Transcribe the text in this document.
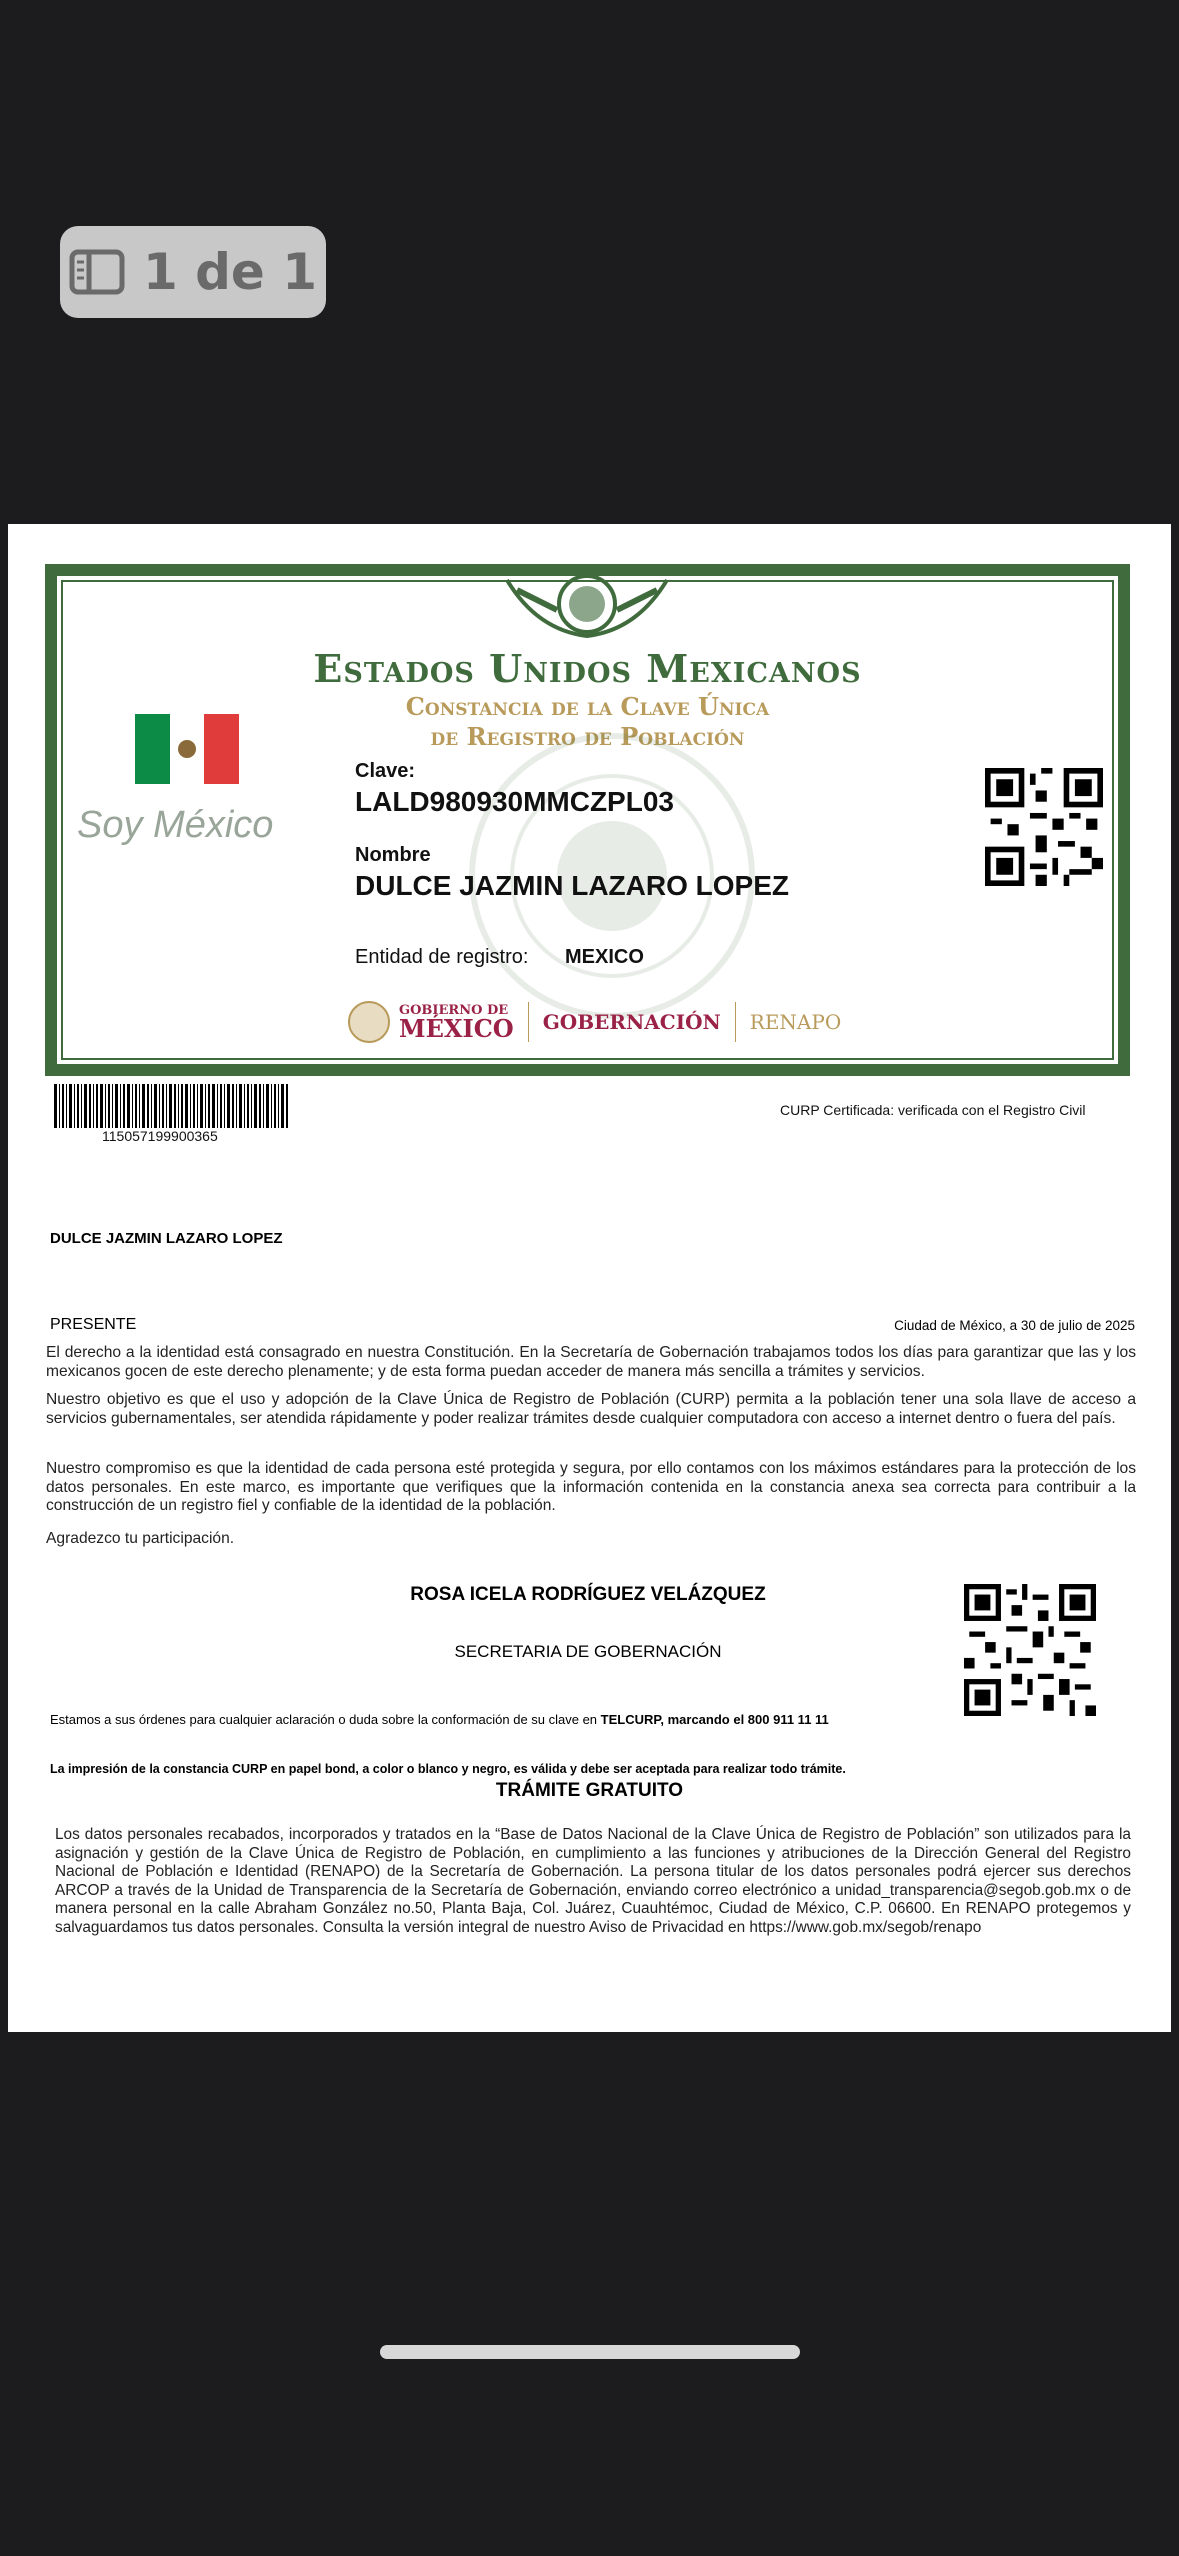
1 de 1
Estados Unidos Mexicanos
Constancia de la Clave Única
de Registro de Población
Soy México
Clave:
LALD980930MMCZPL03
Nombre
DULCE JAZMIN LAZARO LOPEZ
Entidad de registro: MEXICO
GOBIERNO DE
MÉXICO GOBERNACIÓN RENAPO
115057199900365
CURP Certificada: verificada con el Registro Civil
DULCE JAZMIN LAZARO LOPEZ
PRESENTE	Ciudad de México, a 30 de julio de 2025
El derecho a la identidad está consagrado en nuestra Constitución. En la Secretaría de Gobernación trabajamos todos los días para garantizar que las y los mexicanos gocen de este derecho plenamente; y de esta forma puedan acceder de manera más sencilla a trámites y servicios.
Nuestro objetivo es que el uso y adopción de la Clave Única de Registro de Población (CURP) permita a la población tener una sola llave de acceso a servicios gubernamentales, ser atendida rápidamente y poder realizar trámites desde cualquier computadora con acceso a internet dentro o fuera del país.
Nuestro compromiso es que la identidad de cada persona esté protegida y segura, por ello contamos con los máximos estándares para la protección de los datos personales. En este marco, es importante que verifiques que la información contenida en la constancia anexa sea correcta para contribuir a la construcción de un registro fiel y confiable de la identidad de la población.
Agradezco tu participación.
ROSA ICELA RODRÍGUEZ VELÁZQUEZ
SECRETARIA DE GOBERNACIÓN
Estamos a sus órdenes para cualquier aclaración o duda sobre la conformación de su clave en TELCURP, marcando el 800 911 11 11
La impresión de la constancia CURP en papel bond, a color o blanco y negro, es válida y debe ser aceptada para realizar todo trámite.
TRÁMITE GRATUITO
Los datos personales recabados, incorporados y tratados en la “Base de Datos Nacional de la Clave Única de Registro de Población” son utilizados para la asignación y gestión de la Clave Única de Registro de Población, en cumplimiento a las funciones y atribuciones de la Dirección General del Registro Nacional de Población e Identidad (RENAPO) de la Secretaría de Gobernación. La persona titular de los datos personales podrá ejercer sus derechos ARCOP a través de la Unidad de Transparencia de la Secretaría de Gobernación, enviando correo electrónico a unidad_transparencia@segob.gob.mx o de manera personal en la calle Abraham González no.50, Planta Baja, Col. Juárez, Cuauhtémoc, Ciudad de México, C.P. 06600. En RENAPO protegemos y salvaguardamos tus datos personales. Consulta la versión integral de nuestro Aviso de Privacidad en https://www.gob.mx/segob/renapo
